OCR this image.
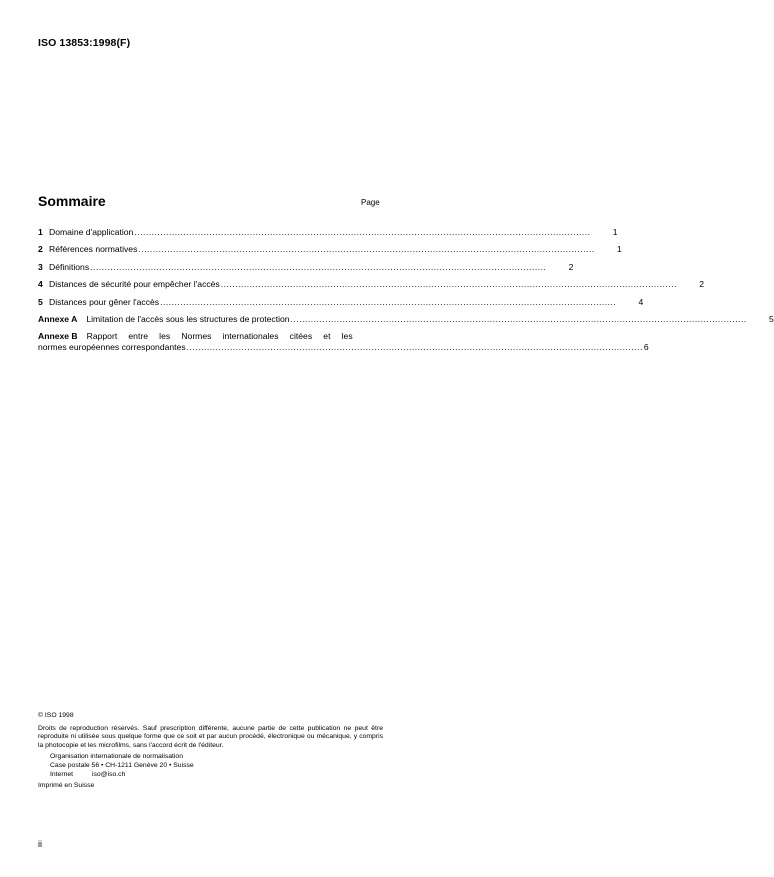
ISO 13853:1998(F)
Sommaire	Page
1 Domaine d'application .....	1
2 Références normatives .....	1
3 Définitions .....	2
4 Distances de sécurité pour empêcher l'accès .....	2
5 Distances pour gêner l'accès .....	4
Annexe A	Limitation de l'accès sous les structures de protection .....	5
Annexe B	Rapport entre les Normes internationales citées et les
normes européennes correspondantes .....	6
© ISO 1998
Droits de reproduction réservés. Sauf prescription différente, aucune partie de cette publication ne peut être reproduite ni utilisée sous quelque forme que ce soit et par aucun procédé, électronique ou mécanique, y compris la photocopie et les microfilms, sans l'accord écrit de l'éditeur.
Organisation internationale de normalisation
Case postale 56 • CH-1211 Genève 20 • Suisse
Internet	iso@iso.ch
Imprimé en Suisse
ii
